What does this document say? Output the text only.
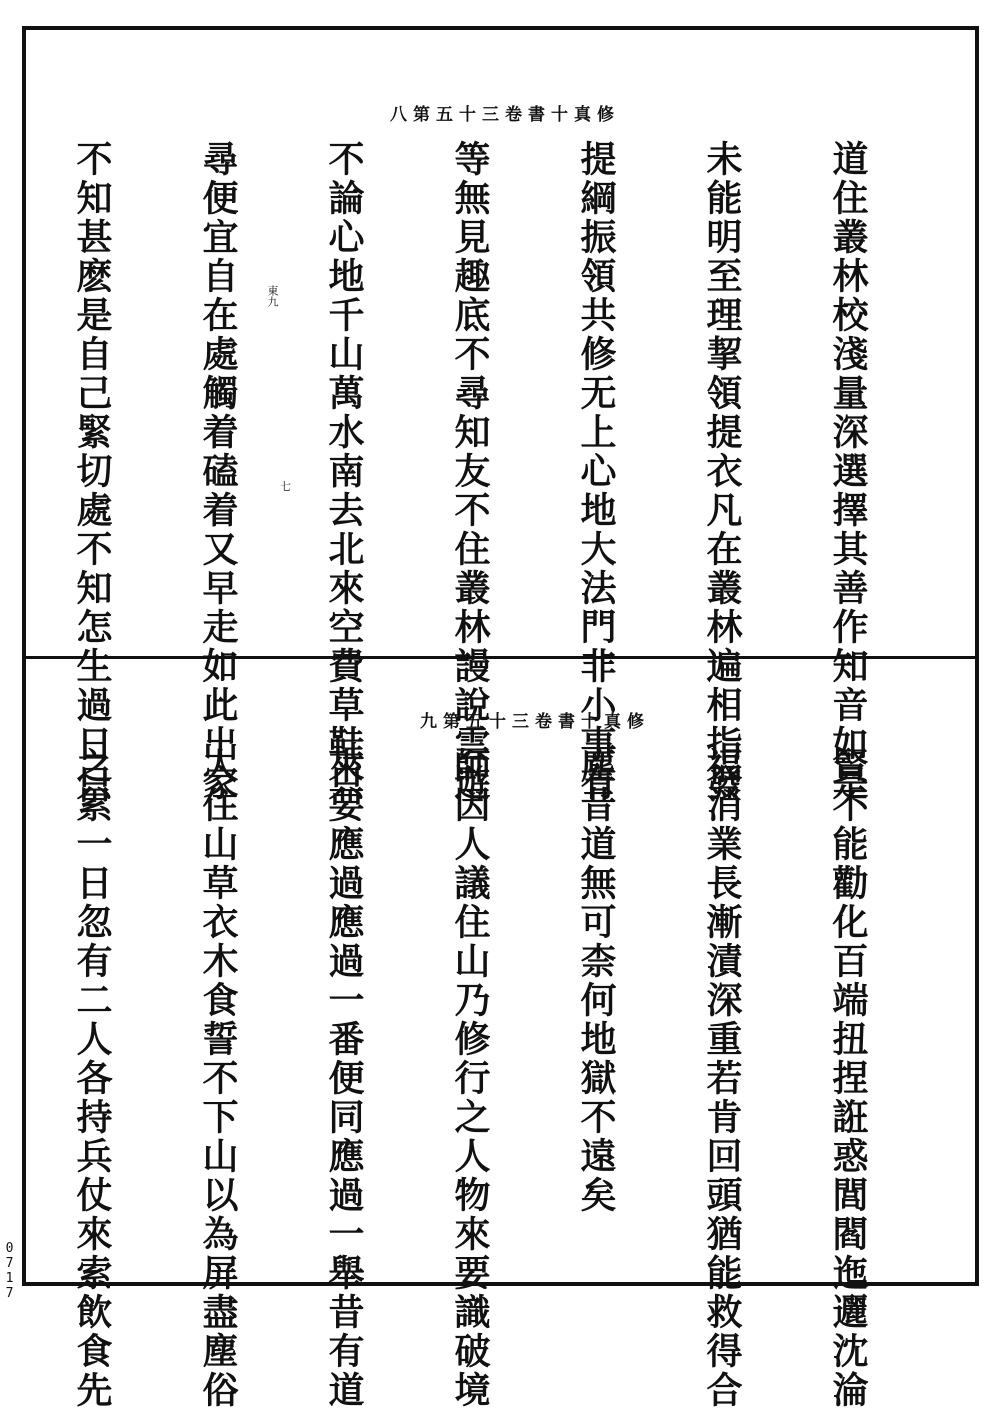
修真十書卷三十五第八

道住叢林校淺量深選擇其善作知音如是

未能明至理挈領提衣凡在叢林遍相指發

提綱振領共修无上心地大法門非小事有

等無見趣底不尋知友不住叢林謾說雲遊

不論心地千山萬水南去北來空費草鞋只

尋便宜自在處觸着磕着又早走如此出家

不知甚麽是自己緊切處不知怎生過日只

	東九
七
修真十書卷三十五第九

賢不能勸化百端扭捏誑惑閭閻迤邐沈淪

福消業長漸漬深重若肯回頭猶能救得合

塵昔道無可柰何地獄不遠矣

師因人議住山乃修行之人物來要識破境

來要應過應過一番便同應過一舉昔有道

人住山草衣木食誓不下山以為屏盡塵俗

之累一日忽有二人各持兵仗來索飲食先

0717
